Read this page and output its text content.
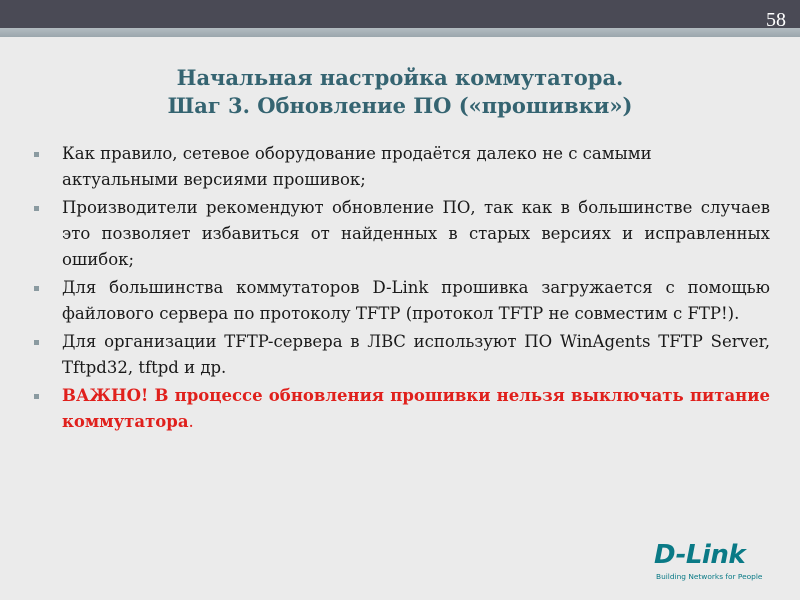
58
Начальная настройка коммутатора.
Шаг 3. Обновление ПО («прошивки»)
Как правило, сетевое оборудование продаётся далеко не с самыми актуальными версиями прошивок;
Производители рекомендуют обновление ПО, так как в большинстве случаев это позволяет избавиться от найденных в старых версиях и исправленных ошибок;
Для большинства коммутаторов D-Link прошивка загружается с помощью файлового сервера по протоколу TFTP (протокол TFTP не совместим с FTP!).
Для организации TFTP-сервера в ЛВС используют ПО WinAgents TFTP Server, Tftpd32, tftpd и др.
ВАЖНО! В процессе обновления прошивки нельзя выключать питание коммутатора.
D-Link
Building Networks for People
